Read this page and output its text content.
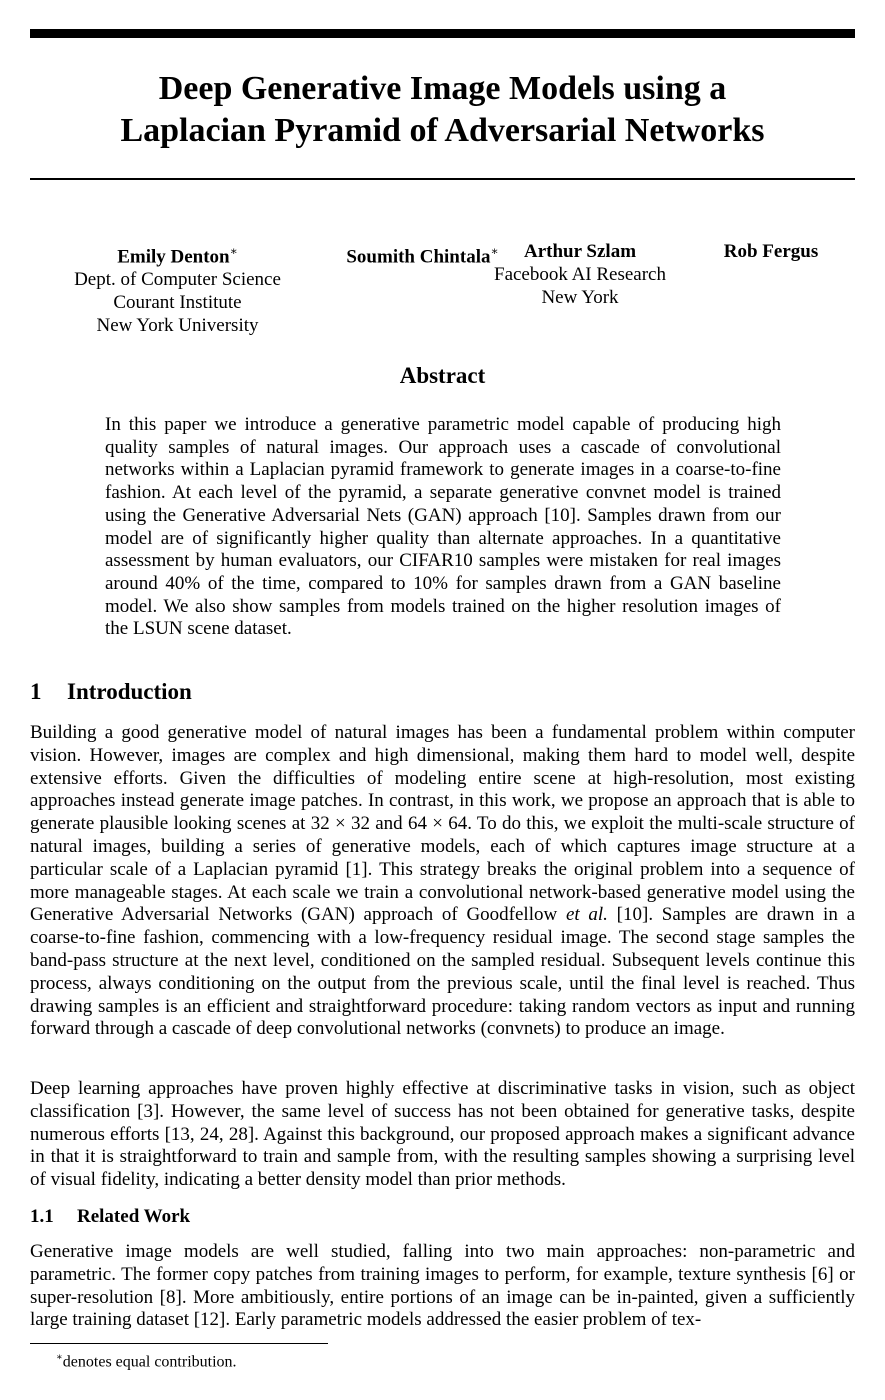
Deep Generative Image Models using a
Laplacian Pyramid of Adversarial Networks
Emily Denton∗
Dept. of Computer Science
Courant Institute
New York University
Soumith Chintala∗	Arthur Szlam
Facebook AI Research
New York
Rob Fergus
Abstract

In this paper we introduce a generative parametric model capable of producing high quality samples of natural images. Our approach uses a cascade of convolutional networks within a Laplacian pyramid framework to generate images in a coarse-to-fine fashion. At each level of the pyramid, a separate generative convnet model is trained using the Generative Adversarial Nets (GAN) approach [10]. Samples drawn from our model are of significantly higher quality than alternate approaches. In a quantitative assessment by human evaluators, our CIFAR10 samples were mistaken for real images around 40% of the time, compared to 10% for samples drawn from a GAN baseline model. We also show samples from models trained on the higher resolution images of the LSUN scene dataset.

1 Introduction

Building a good generative model of natural images has been a fundamental problem within computer vision. However, images are complex and high dimensional, making them hard to model well, despite extensive efforts. Given the difficulties of modeling entire scene at high-resolution, most existing approaches instead generate image patches. In contrast, in this work, we propose an approach that is able to generate plausible looking scenes at 32 × 32 and 64 × 64. To do this, we exploit the multi-scale structure of natural images, building a series of generative models, each of which captures image structure at a particular scale of a Laplacian pyramid [1]. This strategy breaks the original problem into a sequence of more manageable stages. At each scale we train a convolutional network-based generative model using the Generative Adversarial Networks (GAN) approach of Goodfellow et al. [10]. Samples are drawn in a coarse-to-fine fashion, commencing with a low-frequency residual image. The second stage samples the band-pass structure at the next level, conditioned on the sampled residual. Subsequent levels continue this process, always conditioning on the output from the previous scale, until the final level is reached. Thus drawing samples is an efficient and straightforward procedure: taking random vectors as input and running forward through a cascade of deep convolutional networks (convnets) to produce an image.

Deep learning approaches have proven highly effective at discriminative tasks in vision, such as object classification [3]. However, the same level of success has not been obtained for generative tasks, despite numerous efforts [13, 24, 28]. Against this background, our proposed approach makes a significant advance in that it is straightforward to train and sample from, with the resulting samples showing a surprising level of visual fidelity, indicating a better density model than prior methods.

1.1 Related Work

Generative image models are well studied, falling into two main approaches: non-parametric and parametric. The former copy patches from training images to perform, for example, texture synthesis [6] or super-resolution [8]. More ambitiously, entire portions of an image can be in-painted, given a sufficiently large training dataset [12]. Early parametric models addressed the easier problem of tex-

∗denotes equal contribution.
